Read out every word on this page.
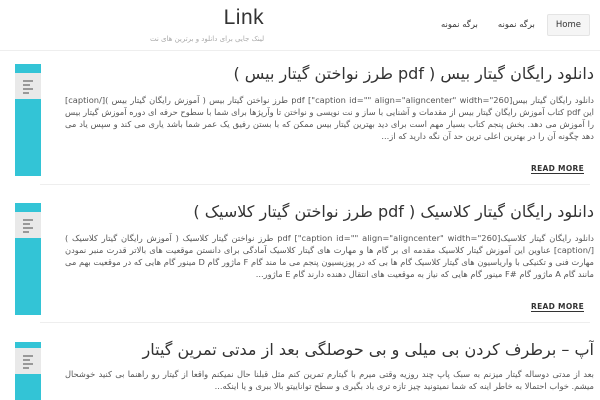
Link
لینک جایی برای دانلود و برترین های نت
برگه نمونه	برگه نمونه	Home
دانلود رایگان گیتار بیس ( pdf طرز نواختن گیتار بیس )

دانلود رایگان گیتار بیس[caption id="" align="aligncenter" width="260"] pdf طرز نواختن گیتار بیس ( آموزش رایگان گیتار بیس )[/caption] این pdf کتاب آموزش رایگان گیتار بیس از مقدمات و آشنایی با ساز و نت نویسی و نواختن تا وآرپژها برای شما با سطوح حرفه ای دوره آموزش گیتار بیس را آموزش می دهد. بخش پنجم کتاب بسیار مهم است برای دید بهترین گیتار بیس ممکن که با بستن رفیق یک عمر شما باشد یاری می کند و سپس یاد می دهد چگونه آن را در بهترین اعلی ترین حد آن نگه دارید که از...

READ MORE
دانلود رایگان گیتار کلاسیک ( pdf طرز نواختن گیتار کلاسیک )

دانلود رایگان گیتار کلاسیک[caption id="" align="aligncenter" width="260"] pdf طرز نواختن گیتار کلاسیک ( آموزش رایگان گیتار کلاسیک )[/caption] عناوین این آموزش گیتار کلاسیک مقدمه ای بر گام ها و مهارت های گیتار کلاسیک آمادگی برای دانستن موقعیت های بالاتر قدرت منبر نمودن مهارت فنی و تکنیکی با واریاسیون های گیتار کلاسیک گام ها بی که در پوزیسیون پنجم می ما مند گام F ماژور گام D مینور گام هایی که در موقعیت بهم می مانند گام A ماژور گام #F مینور گام هایی که نیاز به موقعیت های انتقال دهنده دارند گام E ماژور...

READ MORE
آپ – برطرف کردن بی میلی و بی حوصلگی بعد از مدتی تمرین گیتار

بعد از مدتی دوساله گیتار میزنم به سبک پاپ چند روزیه وقتی میرم با گیتارم تمرین کنم مثل قبلنا حال نمیکنم واقعا از گیتار رو راهنما بی کنید خوشحال میشم. خواب احتمالا به خاطر اینه که شما نمیتونید چیز تازه تری باد بگیری و سطح تواناییتو بالا ببری و یا اینکه...
